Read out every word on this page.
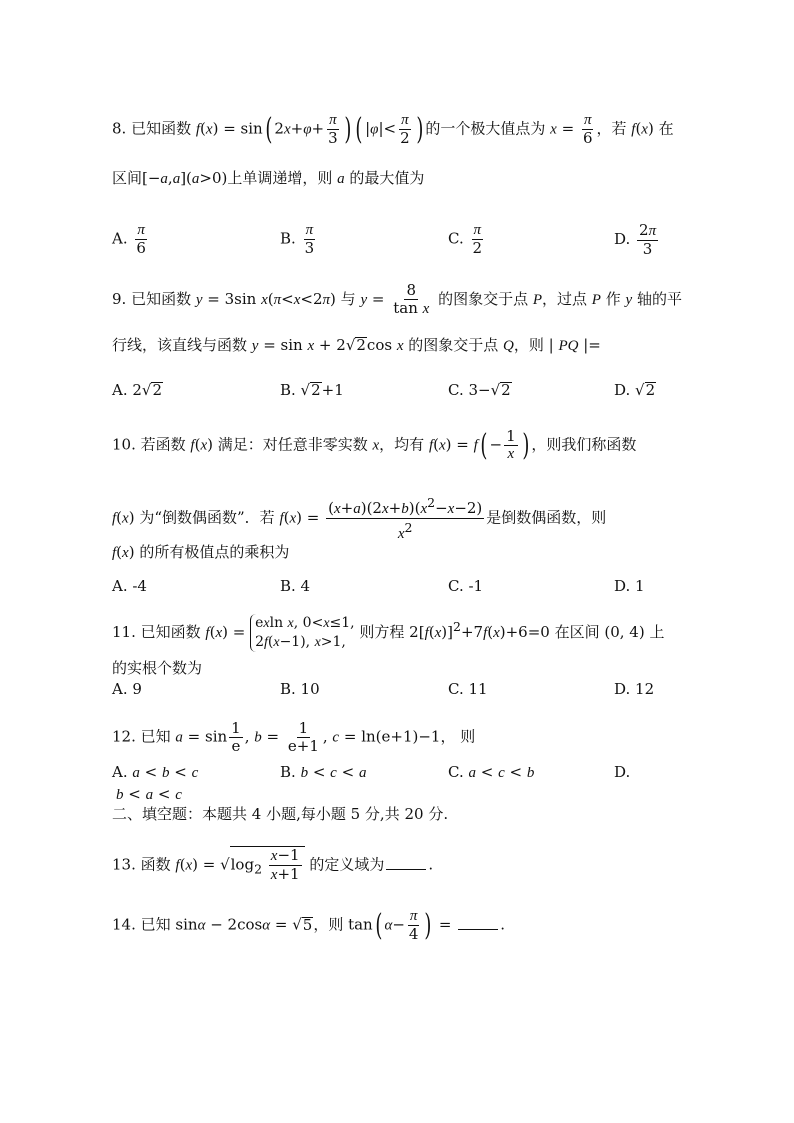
8. 已知函数 f(x) = sin( $2x+\varphi+ \frac{\pi}{3}$ ) ( $|\varphi|< \frac{\pi}{2}$ ) 的一个极大值点为 $x = \frac{\pi}{6}$ ，若 f(x) 在
区间[−a,a](a>0)上单调递增，则 a 的最大值为
A. $\frac{\pi}{6}$	B. $\frac{\pi}{3}$	C. $\frac{\pi}{2}$	D. $\frac{2\pi}{3}$
9. 已知函数 y = 3sin x(π<x<2π) 与 $y = \frac{8}{\text{tan x}}$ 的图象交于点 P，过点 P 作 y 轴的平
行线，该直线与函数 y = sin x + 2√2cos x 的图象交于点 Q，则 | PQ |=
A. 2√2	B. √2+1	C. 3−√2	D. √2
10. 若函数 f(x) 满足：对任意非零实数 x，均有 $f(x) = f( - \frac{1}{x}$ ) ，则我们称函数
f(x) 为“倒数偶函数”．若 $f(x) = \frac{(x+a)(2x+b)(x^2-x-2)}{x^2}$ 是倒数偶函数，则
f(x) 的所有极值点的乘积为
A. -4	B. 4	C. -1	D. 1
11. 已知函数 f(x) = exln x, 0<x≤1,
2f(x−1), x>1,
则方程 $2[f(x)]^2+7f(x)+6=0$ 在区间 (0, 4) 上
的实根个数为
A. 9	B. 10	C. 11	D. 12
12. 已知 $a = \sin \frac{1}{e}$ , $b = \frac{1}{e+1}$ , c = ln(e+1)−1， 则
A. a < b < c	B. b < c < a	C. a < c < b	D.
b < a < c
二、填空题：本题共 4 小题,每小题 5 分,共 20 分.
13. 函数 $f(x) = √\log_2 \frac{x-1}{x+1}$ 的定义域为	.
14. 已知 sinα − 2cosα = √5，则 tan( $\alpha- \frac{\pi}{4}$ ) =	.
